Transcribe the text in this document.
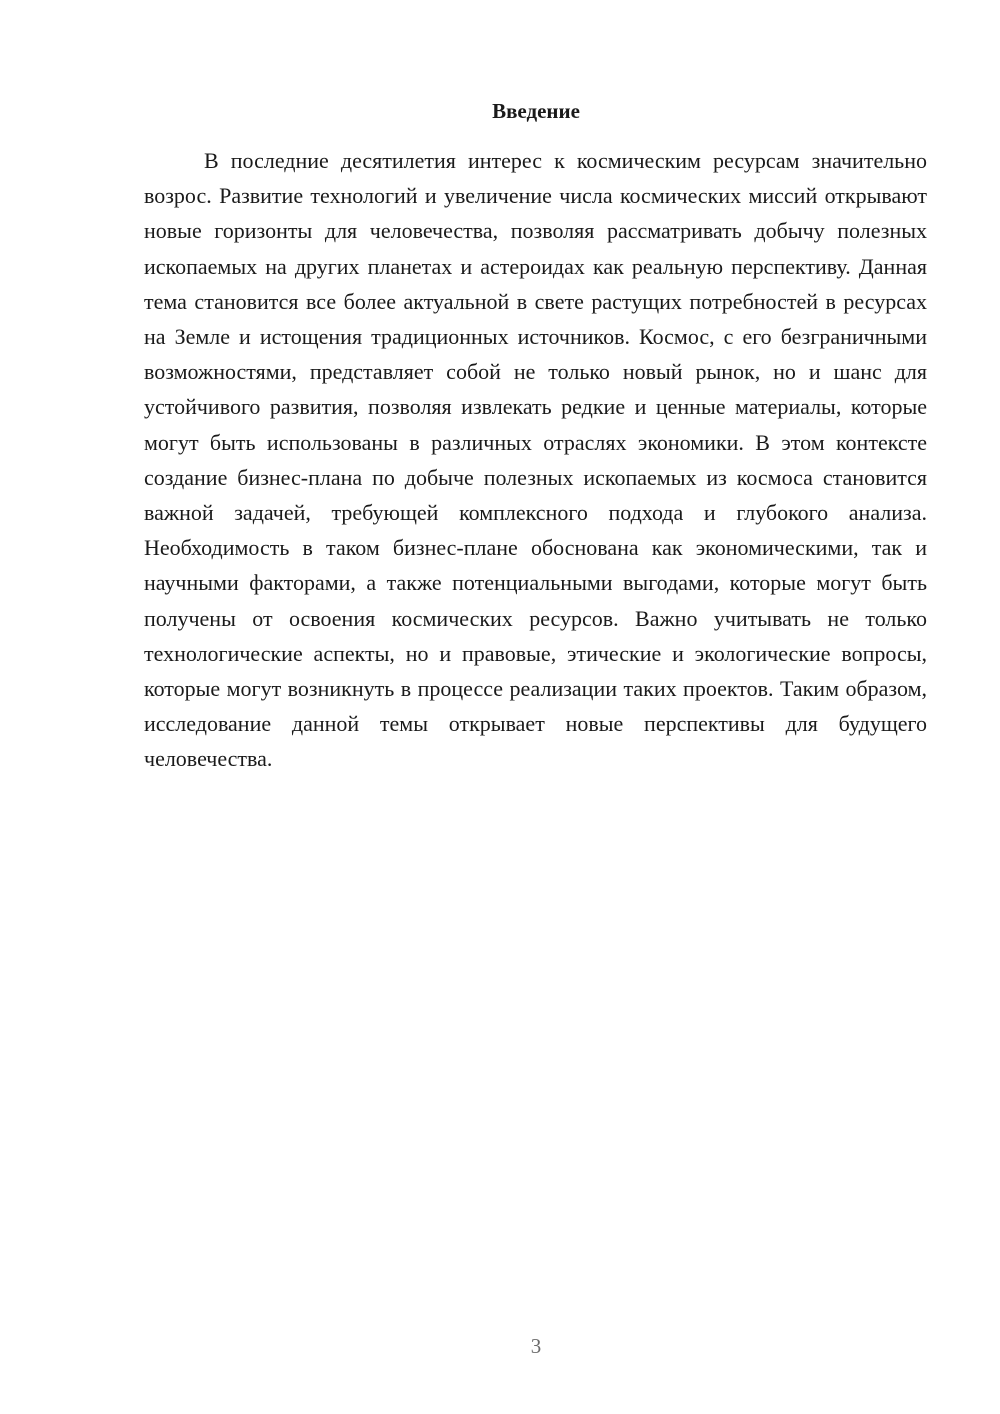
Введение

В последние десятилетия интерес к космическим ресурсам значительно возрос. Развитие технологий и увеличение числа космических миссий открывают новые горизонты для человечества, позволяя рассматривать добычу полезных ископаемых на других планетах и астероидах как реальную перспективу. Данная тема становится все более актуальной в свете растущих потребностей в ресурсах на Земле и истощения традиционных источников. Космос, с его безграничными возможностями, представляет собой не только новый рынок, но и шанс для устойчивого развития, позволяя извлекать редкие и ценные материалы, которые могут быть использованы в различных отраслях экономики. В этом контексте создание бизнес-плана по добыче полезных ископаемых из космоса становится важной задачей, требующей комплексного подхода и глубокого анализа. Необходимость в таком бизнес-плане обоснована как экономическими, так и научными факторами, а также потенциальными выгодами, которые могут быть получены от освоения космических ресурсов. Важно учитывать не только технологические аспекты, но и правовые, этические и экологические вопросы, которые могут возникнуть в процессе реализации таких проектов. Таким образом, исследование данной темы открывает новые перспективы для будущего человечества.

3
